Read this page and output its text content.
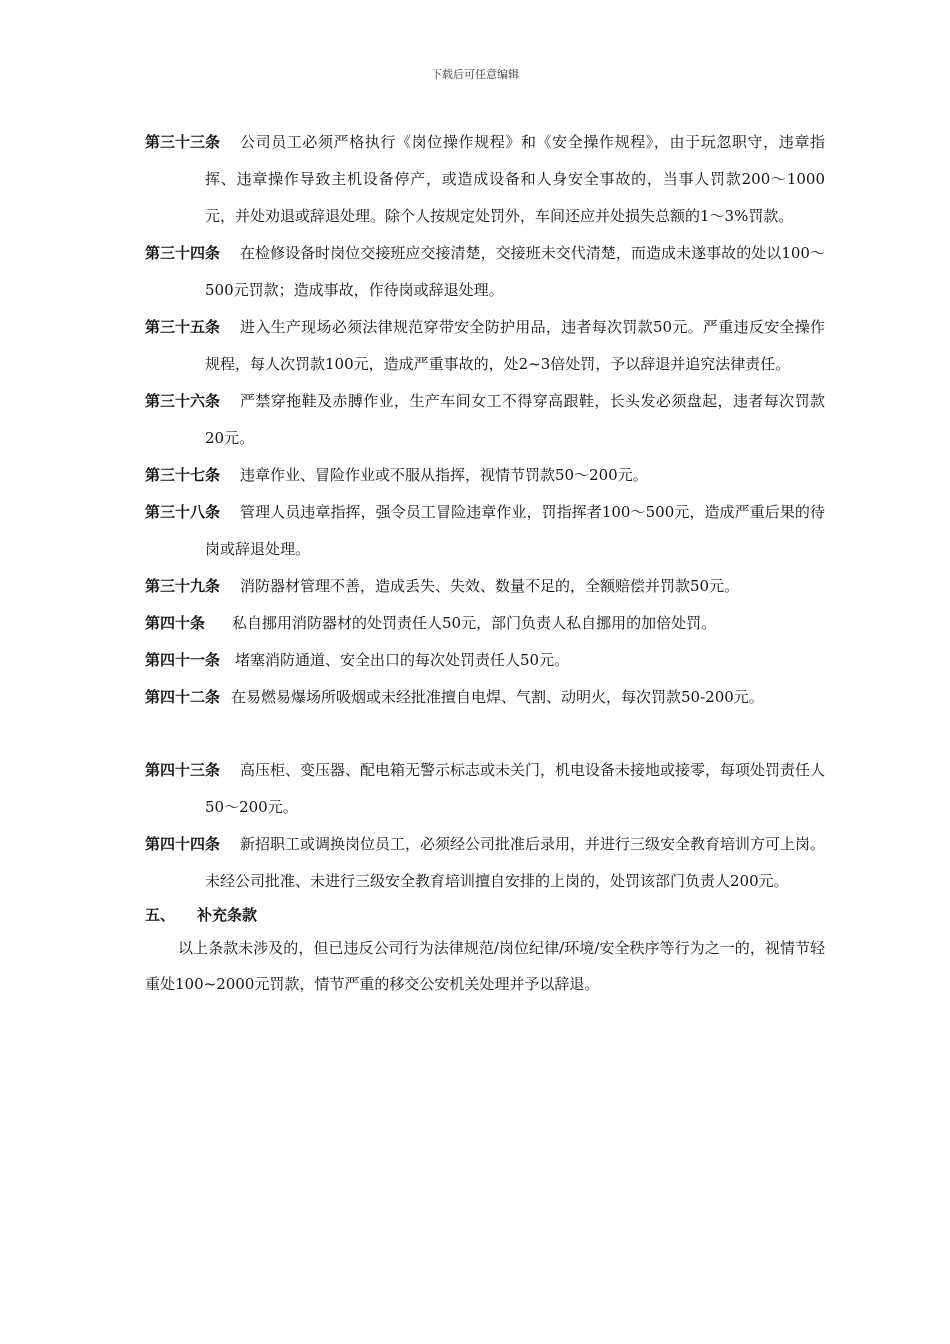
下载后可任意编辑
第三十三条	公司员工必须严格执行《岗位操作规程》和《安全操作规程》，由于玩忽职守，违章指挥、违章操作导致主机设备停产，或造成设备和人身安全事故的，当事人罚款200～1000元，并处劝退或辞退处理。除个人按规定处罚外，车间还应并处损失总额的1～3%罚款。
第三十四条	在检修设备时岗位交接班应交接清楚，交接班未交代清楚，而造成未遂事故的处以100～500元罚款；造成事故，作待岗或辞退处理。
第三十五条	进入生产现场必须法律规范穿带安全防护用品，违者每次罚款50元。严重违反安全操作规程，每人次罚款100元，造成严重事故的，处2~3倍处罚，予以辞退并追究法律责任。
第三十六条	严禁穿拖鞋及赤膊作业，生产车间女工不得穿高跟鞋，长头发必须盘起，违者每次罚款20元。
第三十七条	违章作业、冒险作业或不服从指挥，视情节罚款50～200元。
第三十八条	管理人员违章指挥，强令员工冒险违章作业，罚指挥者100～500元，造成严重后果的待岗或辞退处理。
第三十九条	消防器材管理不善，造成丢失、失效、数量不足的，全额赔偿并罚款50元。
第四十条	私自挪用消防器材的处罚责任人50元，部门负责人私自挪用的加倍处罚。
第四十一条 堵塞消防通道、安全出口的每次处罚责任人50元。
第四十二条 在易燃易爆场所吸烟或未经批准擅自电焊、气割、动明火，每次罚款50-200元。
第四十三条	高压柜、变压器、配电箱无警示标志或未关门，机电设备未接地或接零，每项处罚责任人50～200元。
第四十四条	新招职工或调换岗位员工，必须经公司批准后录用，并进行三级安全教育培训方可上岗。未经公司批准、未进行三级安全教育培训擅自安排的上岗的，处罚该部门负责人200元。
五、 补充条款
以上条款未涉及的，但已违反公司行为法律规范/岗位纪律/环境/安全秩序等行为之一的，视情节轻重处100~2000元罚款，情节严重的移交公安机关处理并予以辞退。
